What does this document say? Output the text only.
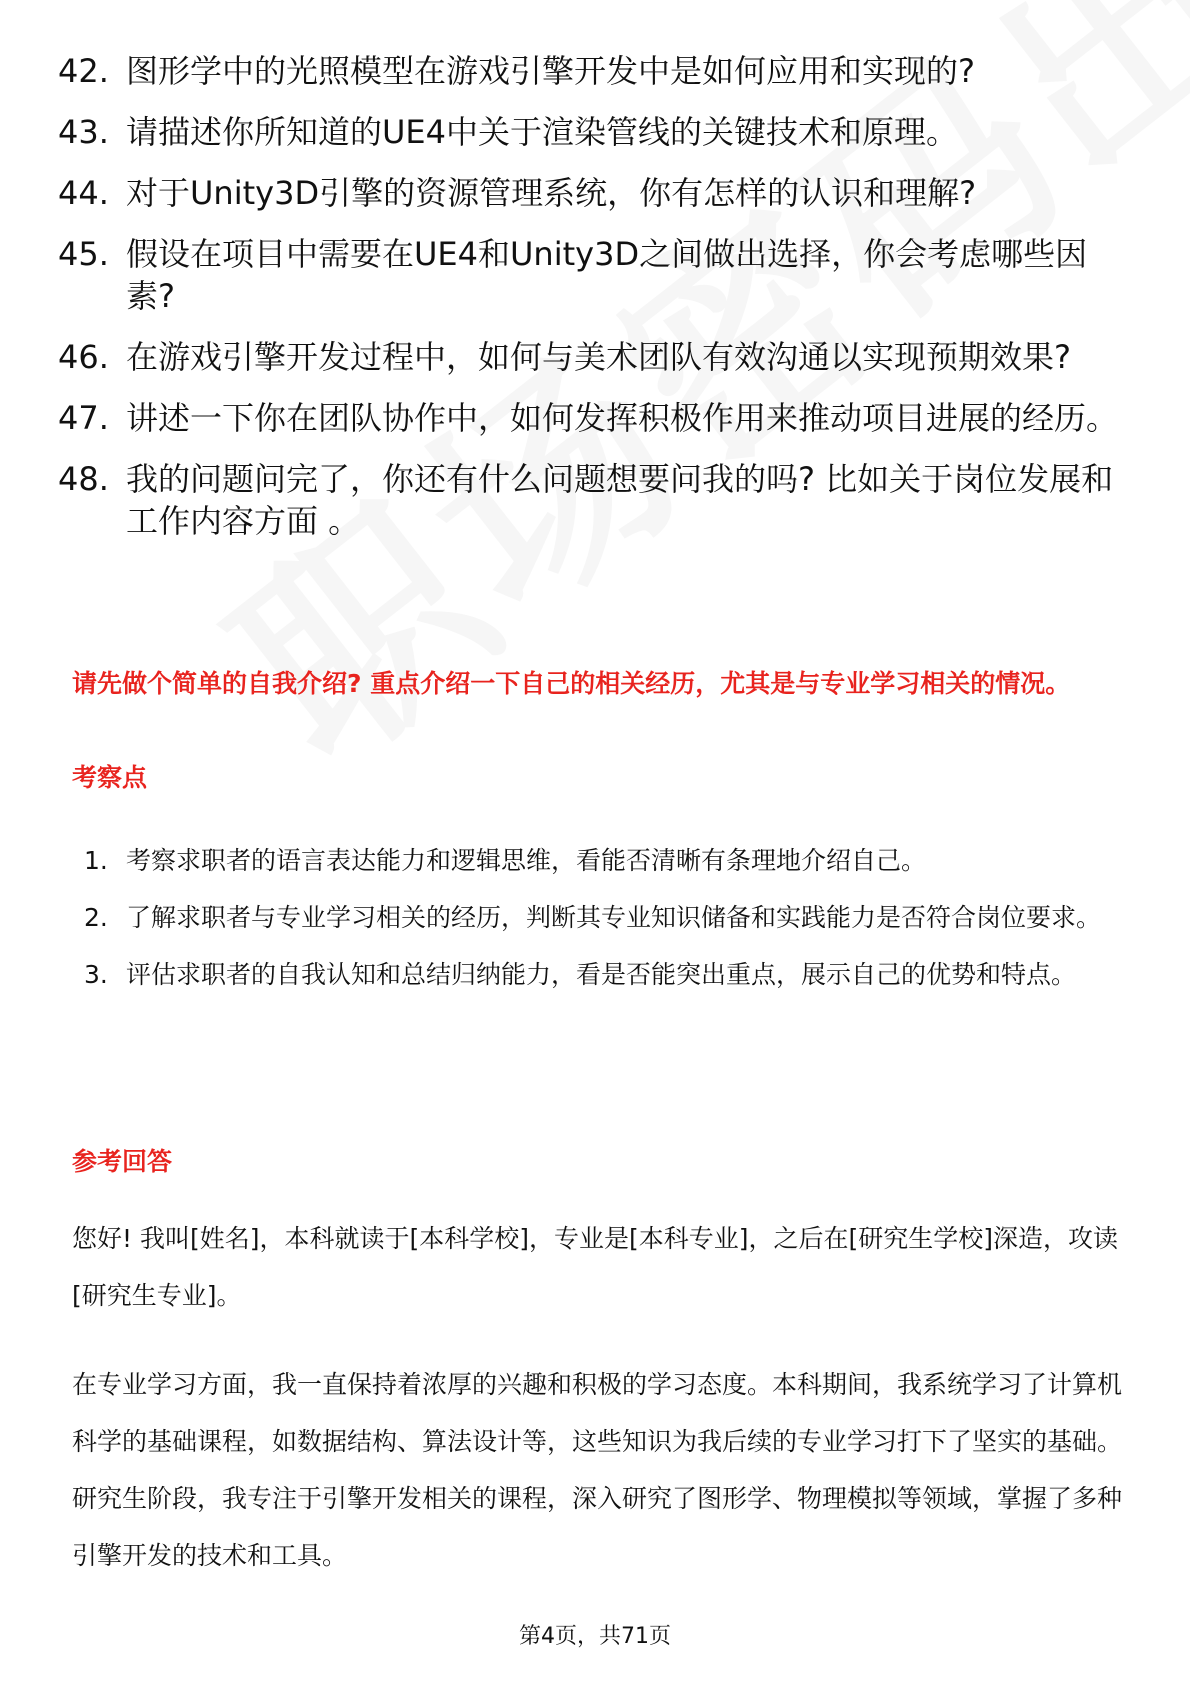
42. 图形学中的光照模型在游戏引擎开发中是如何应用和实现的?
43. 请描述你所知道的UE4中关于渲染管线的关键技术和原理。
44. 对于Unity3D引擎的资源管理系统，你有怎样的认识和理解?
45. 假设在项目中需要在UE4和Unity3D之间做出选择，你会考虑哪些因素?
46. 在游戏引擎开发过程中，如何与美术团队有效沟通以实现预期效果?
47. 讲述一下你在团队协作中，如何发挥积极作用来推动项目进展的经历。
48. 我的问题问完了，你还有什么问题想要问我的吗? 比如关于岗位发展和工作内容方面 。

请先做个简单的自我介绍? 重点介绍一下自己的相关经历，尤其是与专业学习相关的情况。

考察点

1. 考察求职者的语言表达能力和逻辑思维，看能否清晰有条理地介绍自己。
2. 了解求职者与专业学习相关的经历，判断其专业知识储备和实践能力是否符合岗位要求。
3. 评估求职者的自我认知和总结归纳能力，看是否能突出重点，展示自己的优势和特点。

参考回答

您好! 我叫[姓名]，本科就读于[本科学校]，专业是[本科专业]，之后在[研究生学校]深造，攻读[研究生专业]。

在专业学习方面，我一直保持着浓厚的兴趣和积极的学习态度。本科期间，我系统学习了计算机科学的基础课程，如数据结构、算法设计等，这些知识为我后续的专业学习打下了坚实的基础。研究生阶段，我专注于引擎开发相关的课程，深入研究了图形学、物理模拟等领域，掌握了多种引擎开发的技术和工具。

第4页，共71页
